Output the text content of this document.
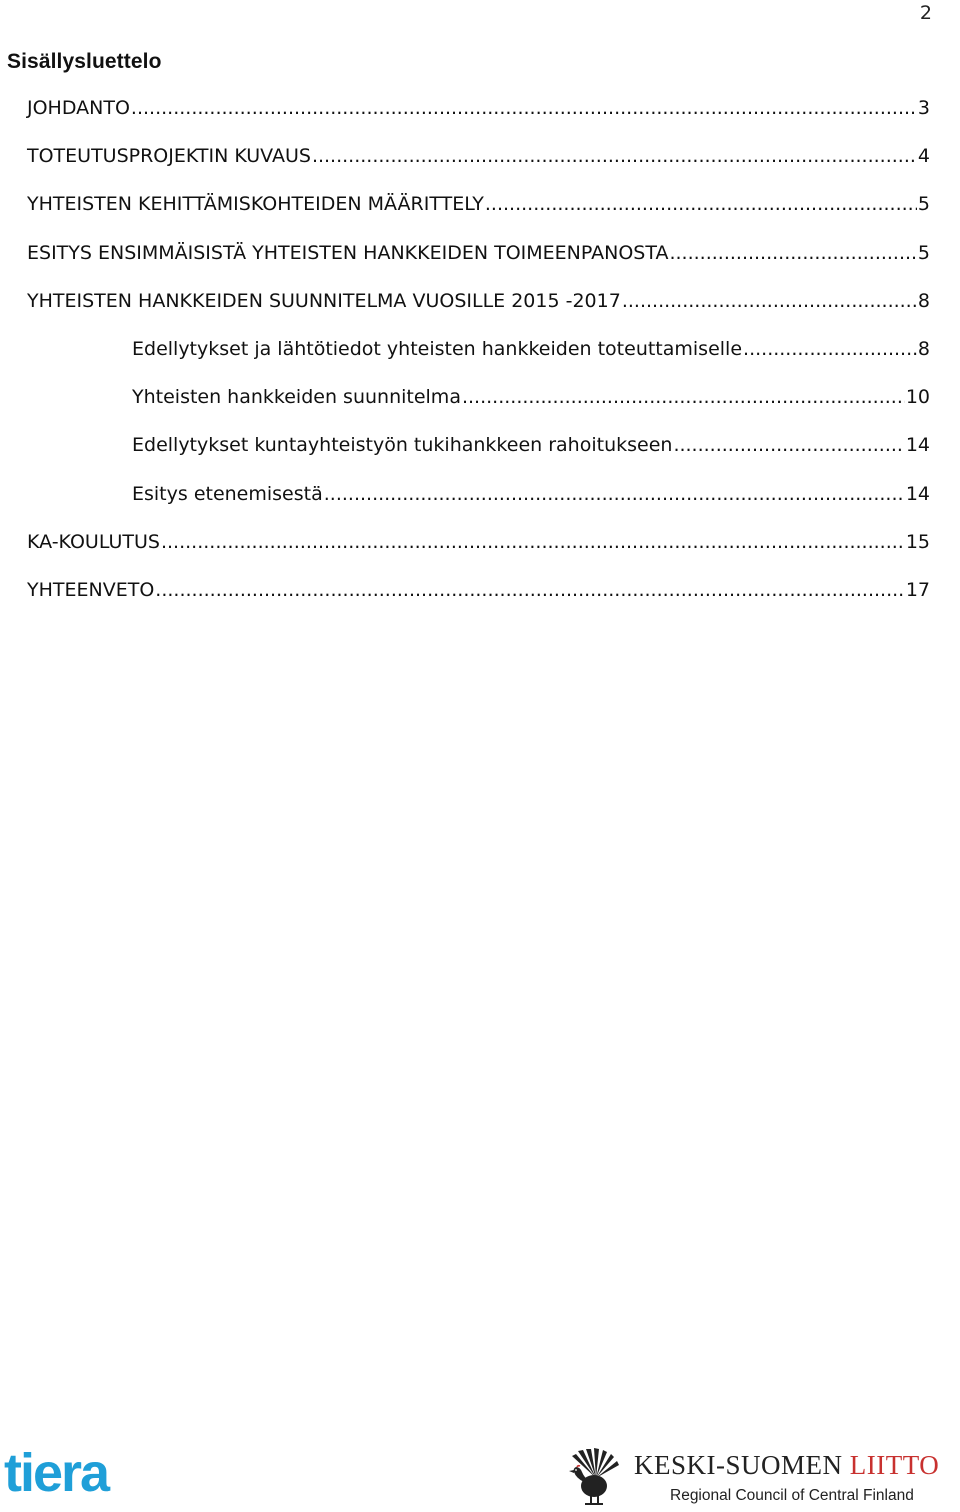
2
Sisällysluettelo
JOHDANTO .....	3
TOTEUTUSPROJEKTIN KUVAUS .....	4
YHTEISTEN KEHITTÄMISKOHTEIDEN MÄÄRITTELY .....	5
ESITYS ENSIMMÄISISTÄ YHTEISTEN HANKKEIDEN TOIMEENPANOSTA .....	5
YHTEISTEN HANKKEIDEN SUUNNITELMA VUOSILLE 2015 -2017 .....	8
Edellytykset ja lähtötiedot yhteisten hankkeiden toteuttamiselle .....	8
Yhteisten hankkeiden suunnitelma .....	10
Edellytykset kuntayhteistyön tukihankkeen rahoitukseen .....	14
Esitys etenemisestä .....	14
KA-KOULUTUS .....	15
YHTEENVETO .....	17
tiera	KESKI-SUOMEN LIITTO
Regional Council of Central Finland
